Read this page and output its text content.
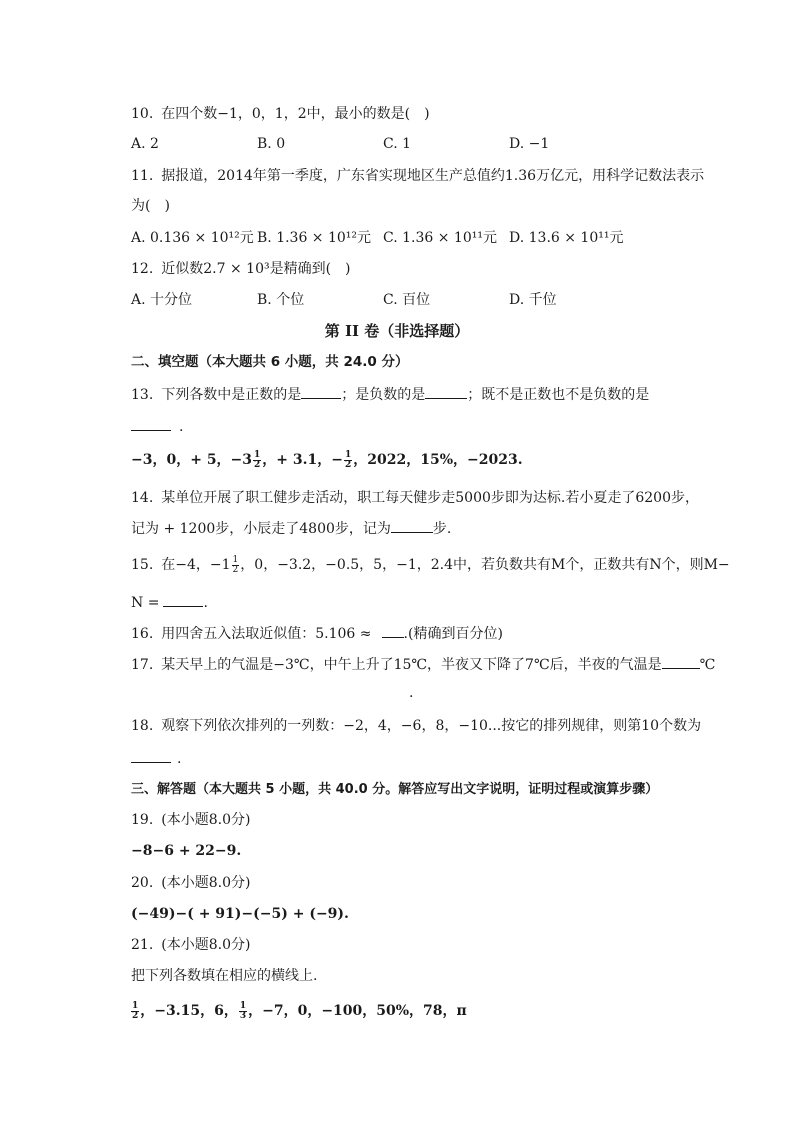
10. 在四个数−1，0，1，2中，最小的数是(　)
A. 2	B. 0	C. 1	D. −1
11. 据报道，2014年第一季度，广东省实现地区生产总值约1.36万亿元，用科学记数法表示
为(　)
A. 0.136 × 10¹²元 B. 1.36 × 10¹²元 C. 1.36 × 10¹¹元 D. 13.6 × 10¹¹元
12. 近似数2.7 × 10³是精确到(　)
A. 十分位	B. 个位	C. 百位	D. 千位
第 II 卷（非选择题）
二、填空题（本大题共 6 小题，共 24.0 分）
13. 下列各数中是正数的是	；是负数的是	；既不是正数也不是负数的是
.
−3，0，+ 5，$-3 \frac{1}{2}$ ，+ 3.1，− $\frac{1}{2}$ ，2022，15%，−2023.
14. 某单位开展了职工健步走活动，职工每天健步走5000步即为达标.若小夏走了6200步，
记为 + 1200步，小辰走了4800步，记为	步.
15. 在−4，$-1 \frac{1}{2}$ ，0，−3.2，−0.5，5，−1，2.4中，若负数共有M个，正数共有N个，则M−
N =	.
16. 用四舍五入法取近似值：5.106 ≈ .(精确到百分位)
17. 某天早上的气温是−3℃，中午上升了15℃，半夜又下降了7℃后，半夜的气温是	℃
.
18. 观察下列依次排列的一列数：−2，4，−6，8，−10...按它的排列规律，则第10个数为
.
三、解答题（本大题共 5 小题，共 40.0 分。解答应写出文字说明，证明过程或演算步骤）
19. (本小题8.0分)
−8−6 + 22−9.
20. (本小题8.0分)
(−49)−( + 91)−(−5) + (−9).
21. (本小题8.0分)
把下列各数填在相应的横线上.
$\frac{1}{2}$ ，−3.15，6， $\frac{1}{3}$ ，−7，0，−100，50%，78，π
